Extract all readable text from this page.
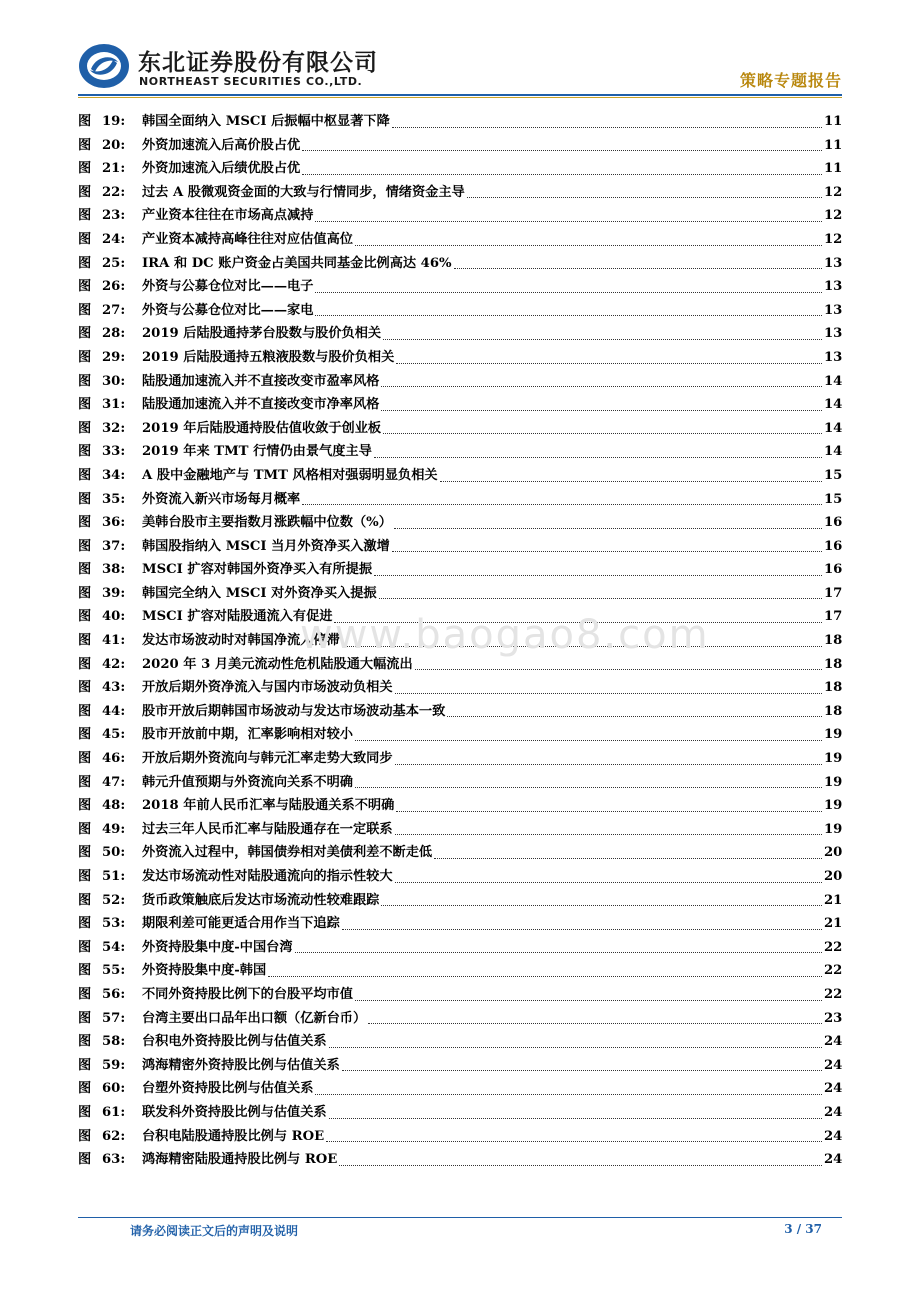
东北证券股份有限公司
NORTHEAST SECURITIES CO.,LTD.	策略专题报告
图 19:	韩国全面纳入 MSCI 后振幅中枢显著下降	11
图 20:	外资加速流入后高价股占优	11
图 21:	外资加速流入后绩优股占优	11
图 22:	过去 A 股微观资金面的大致与行情同步，情绪资金主导	12
图 23:	产业资本往往在市场高点减持	12
图 24:	产业资本减持高峰往往对应估值高位	12
图 25:	IRA 和 DC 账户资金占美国共同基金比例高达 46%	13
图 26:	外资与公募仓位对比——电子	13
图 27:	外资与公募仓位对比——家电	13
图 28:	2019 后陆股通持茅台股数与股价负相关	13
图 29:	2019 后陆股通持五粮液股数与股价负相关	13
图 30:	陆股通加速流入并不直接改变市盈率风格	14
图 31:	陆股通加速流入并不直接改变市净率风格	14
图 32:	2019 年后陆股通持股估值收敛于创业板	14
图 33:	2019 年来 TMT 行情仍由景气度主导	14
图 34:	A 股中金融地产与 TMT 风格相对强弱明显负相关	15
图 35:	外资流入新兴市场每月概率	15
图 36:	美韩台股市主要指数月涨跌幅中位数（%）	16
图 37:	韩国股指纳入 MSCI 当月外资净买入激增	16
图 38:	MSCI 扩容对韩国外资净买入有所提振	16
图 39:	韩国完全纳入 MSCI 对外资净买入提振	17
图 40:	MSCI 扩容对陆股通流入有促进	17
图 41:	发达市场波动时对韩国净流入停滞	18
图 42:	2020 年 3 月美元流动性危机陆股通大幅流出	18
图 43:	开放后期外资净流入与国内市场波动负相关	18
图 44:	股市开放后期韩国市场波动与发达市场波动基本一致	18
图 45:	股市开放前中期，汇率影响相对较小	19
图 46:	开放后期外资流向与韩元汇率走势大致同步	19
图 47:	韩元升值预期与外资流向关系不明确	19
图 48:	2018 年前人民币汇率与陆股通关系不明确	19
图 49:	过去三年人民币汇率与陆股通存在一定联系	19
图 50:	外资流入过程中，韩国债券相对美债利差不断走低	20
图 51:	发达市场流动性对陆股通流向的指示性较大	20
图 52:	货币政策触底后发达市场流动性较难跟踪	21
图 53:	期限利差可能更适合用作当下追踪	21
图 54:	外资持股集中度-中国台湾	22
图 55:	外资持股集中度-韩国	22
图 56:	不同外资持股比例下的台股平均市值	22
图 57:	台湾主要出口品年出口额（亿新台币）	23
图 58:	台积电外资持股比例与估值关系	24
图 59:	鸿海精密外资持股比例与估值关系	24
图 60:	台塑外资持股比例与估值关系	24
图 61:	联发科外资持股比例与估值关系	24
图 62:	台积电陆股通持股比例与 ROE	24
图 63:	鸿海精密陆股通持股比例与 ROE	24
www.baogao8.com
请务必阅读正文后的声明及说明	3 / 37
